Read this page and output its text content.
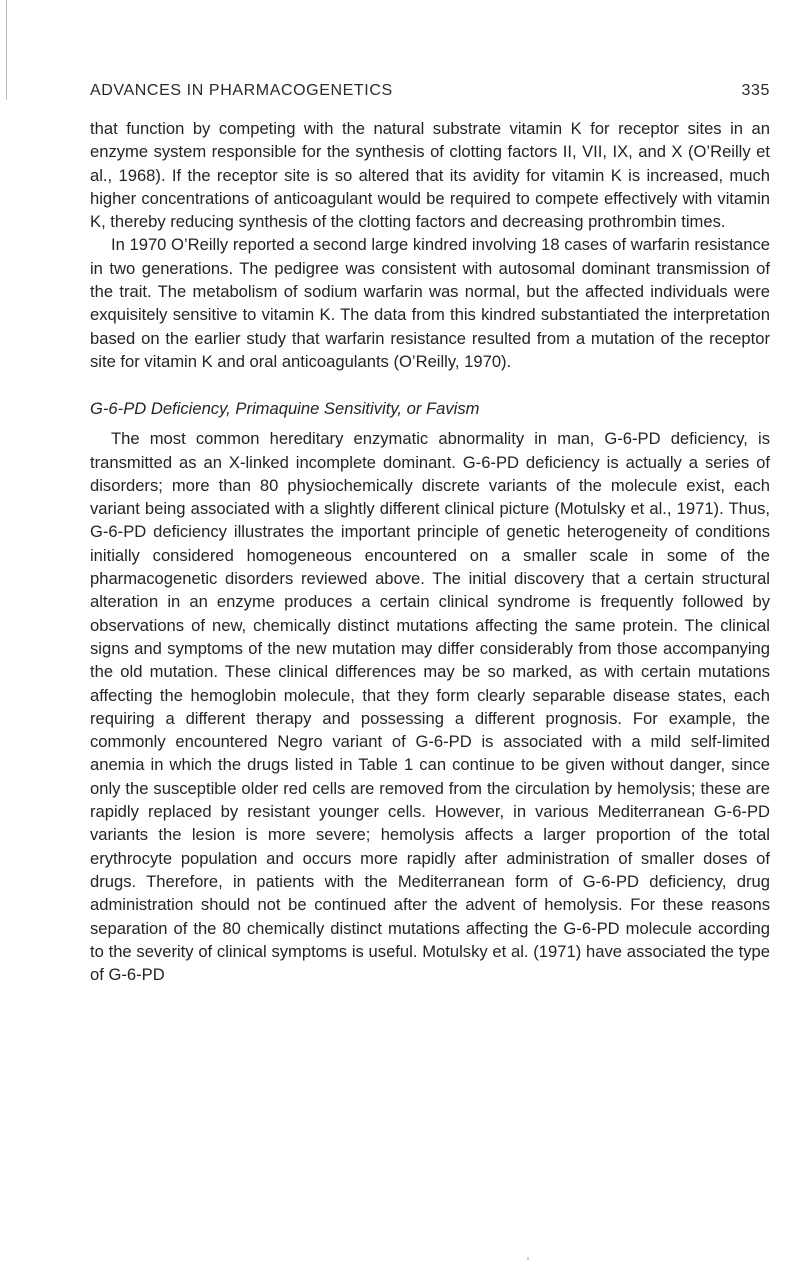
ADVANCES IN PHARMACOGENETICS	335

that function by competing with the natural substrate vitamin K for receptor sites in an enzyme system responsible for the synthesis of clotting factors II, VII, IX, and X (O’Reilly et al., 1968). If the receptor site is so altered that its avidity for vitamin K is increased, much higher concentrations of anticoagulant would be required to compete effectively with vitamin K, thereby reducing synthesis of the clotting factors and decreasing prothrombin times.

In 1970 O’Reilly reported a second large kindred involving 18 cases of warfarin resistance in two generations. The pedigree was consistent with autosomal dominant transmission of the trait. The metabolism of sodium warfarin was normal, but the affected individuals were exquisitely sensitive to vitamin K. The data from this kindred substantiated the interpretation based on the earlier study that warfarin resistance resulted from a mutation of the receptor site for vitamin K and oral anticoagulants (O’Reilly, 1970).

G-6-PD Deficiency, Primaquine Sensitivity, or Favism

The most common hereditary enzymatic abnormality in man, G-6-PD deficiency, is transmitted as an X-linked incomplete dominant. G-6-PD deficiency is actually a series of disorders; more than 80 physiochemically discrete variants of the molecule exist, each variant being associated with a slightly different clinical picture (Motulsky et al., 1971). Thus, G-6-PD deficiency illustrates the important principle of genetic heterogeneity of conditions initially considered homogeneous encountered on a smaller scale in some of the pharmacogenetic disorders reviewed above. The initial discovery that a certain structural alteration in an enzyme produces a certain clinical syndrome is frequently followed by observations of new, chemically distinct mutations affecting the same protein. The clinical signs and symptoms of the new mutation may differ considerably from those accompanying the old mutation. These clinical differences may be so marked, as with certain mutations affecting the hemoglobin molecule, that they form clearly separable disease states, each requiring a different therapy and possessing a different prognosis. For example, the commonly encountered Negro variant of G-6-PD is associated with a mild self-limited anemia in which the drugs listed in Table 1 can continue to be given without danger, since only the susceptible older red cells are removed from the circulation by hemolysis; these are rapidly replaced by resistant younger cells. However, in various Mediterranean G-6-PD variants the lesion is more severe; hemolysis affects a larger proportion of the total erythrocyte population and occurs more rapidly after administration of smaller doses of drugs. Therefore, in patients with the Mediterranean form of G-6-PD deficiency, drug administration should not be continued after the advent of hemolysis. For these reasons separation of the 80 chemically distinct mutations affecting the G-6-PD molecule according to the severity of clinical symptoms is useful. Motulsky et al. (1971) have associated the type of G-6-PD
